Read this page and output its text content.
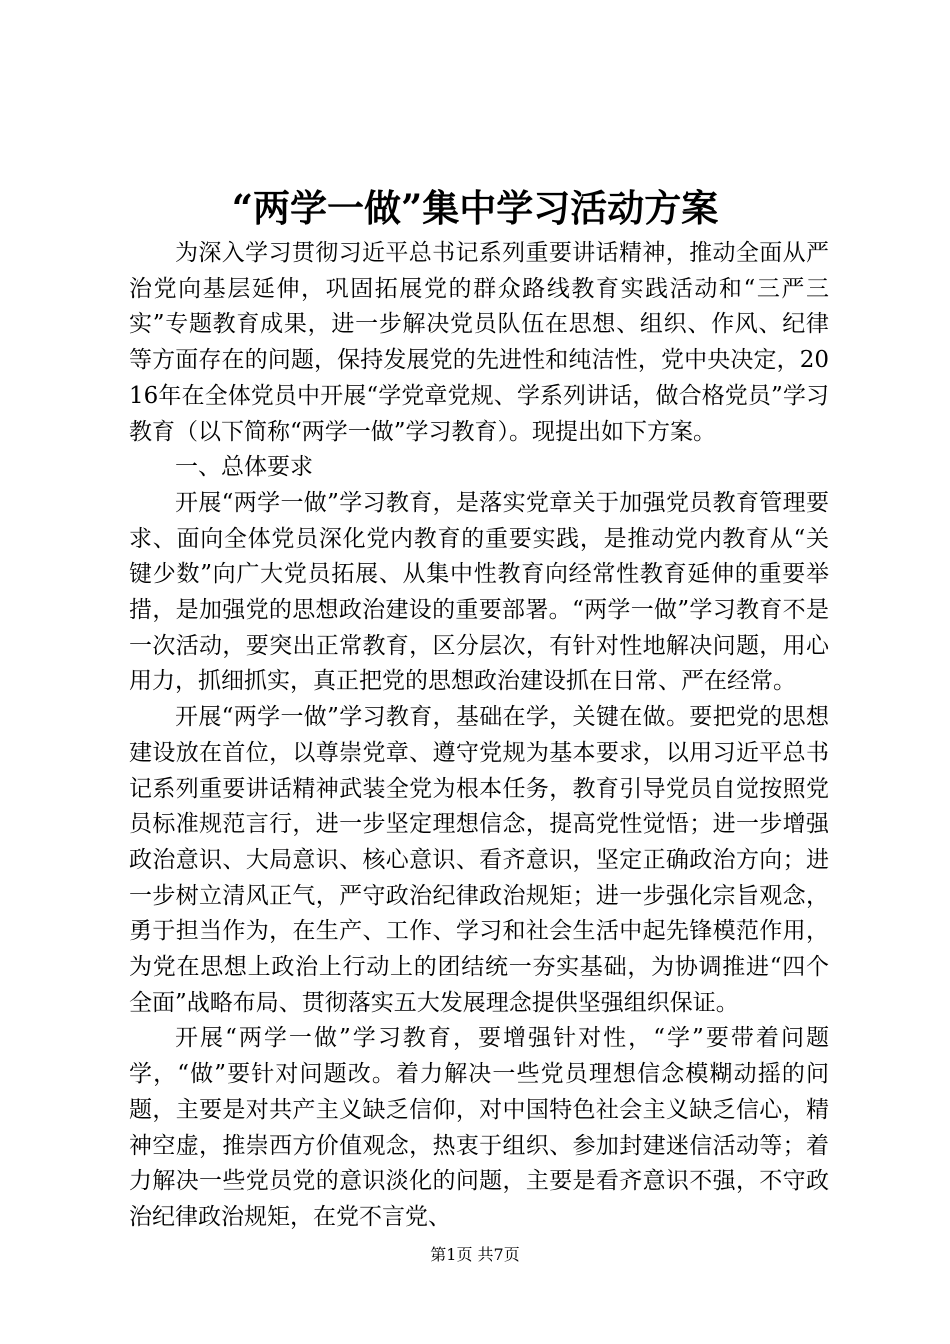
“两学一做”集中学习活动方案

为深入学习贯彻习近平总书记系列重要讲话精神，推动全面从严治党向基层延伸，巩固拓展党的群众路线教育实践活动和“三严三实”专题教育成果，进一步解决党员队伍在思想、组织、作风、纪律等方面存在的问题，保持发展党的先进性和纯洁性，党中央决定，2016年在全体党员中开展“学党章党规、学系列讲话，做合格党员”学习教育（以下简称“两学一做”学习教育）。现提出如下方案。

一、总体要求

开展“两学一做”学习教育，是落实党章关于加强党员教育管理要求、面向全体党员深化党内教育的重要实践，是推动党内教育从“关键少数”向广大党员拓展、从集中性教育向经常性教育延伸的重要举措，是加强党的思想政治建设的重要部署。“两学一做”学习教育不是一次活动，要突出正常教育，区分层次，有针对性地解决问题，用心用力，抓细抓实，真正把党的思想政治建设抓在日常、严在经常。

开展“两学一做”学习教育，基础在学，关键在做。要把党的思想建设放在首位，以尊崇党章、遵守党规为基本要求，以用习近平总书记系列重要讲话精神武装全党为根本任务，教育引导党员自觉按照党员标准规范言行，进一步坚定理想信念，提高党性觉悟；进一步增强政治意识、大局意识、核心意识、看齐意识，坚定正确政治方向；进一步树立清风正气，严守政治纪律政治规矩；进一步强化宗旨观念，勇于担当作为，在生产、工作、学习和社会生活中起先锋模范作用，为党在思想上政治上行动上的团结统一夯实基础，为协调推进“四个全面”战略布局、贯彻落实五大发展理念提供坚强组织保证。

开展“两学一做”学习教育，要增强针对性，“学”要带着问题学，“做”要针对问题改。着力解决一些党员理想信念模糊动摇的问题，主要是对共产主义缺乏信仰，对中国特色社会主义缺乏信心，精神空虚，推崇西方价值观念，热衷于组织、参加封建迷信活动等；着力解决一些党员党的意识淡化的问题，主要是看齐意识不强，不守政治纪律政治规矩，在党不言党、

第1页 共7页
